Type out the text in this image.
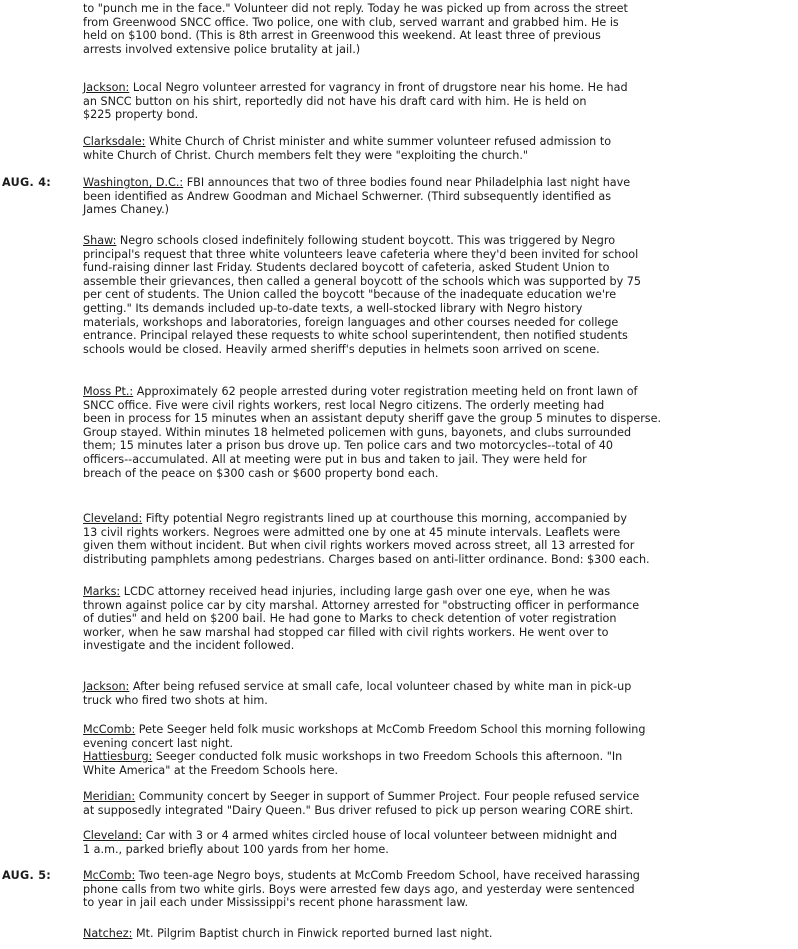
to "punch me in the face." Volunteer did not reply. Today he was picked up from across the street
from Greenwood SNCC office. Two police, one with club, served warrant and grabbed him. He is
held on $100 bond. (This is 8th arrest in Greenwood this weekend. At least three of previous
arrests involved extensive police brutality at jail.)
Jackson: Local Negro volunteer arrested for vagrancy in front of drugstore near his home. He had
an SNCC button on his shirt, reportedly did not have his draft card with him. He is held on
$225 property bond.
Clarksdale: White Church of Christ minister and white summer volunteer refused admission to
white Church of Christ. Church members felt they were "exploiting the church."
AUG. 4:	Washington, D.C.: FBI announces that two of three bodies found near Philadelphia last night have
been identified as Andrew Goodman and Michael Schwerner. (Third subsequently identified as
James Chaney.)
Shaw: Negro schools closed indefinitely following student boycott. This was triggered by Negro
principal's request that three white volunteers leave cafeteria where they'd been invited for school
fund-raising dinner last Friday. Students declared boycott of cafeteria, asked Student Union to
assemble their grievances, then called a general boycott of the schools which was supported by 75
per cent of students. The Union called the boycott "because of the inadequate education we're
getting." Its demands included up-to-date texts, a well-stocked library with Negro history
materials, workshops and laboratories, foreign languages and other courses needed for college
entrance. Principal relayed these requests to white school superintendent, then notified students
schools would be closed. Heavily armed sheriff's deputies in helmets soon arrived on scene.
Moss Pt.: Approximately 62 people arrested during voter registration meeting held on front lawn of
SNCC office. Five were civil rights workers, rest local Negro citizens. The orderly meeting had
been in process for 15 minutes when an assistant deputy sheriff gave the group 5 minutes to disperse.
Group stayed. Within minutes 18 helmeted policemen with guns, bayonets, and clubs surrounded
them; 15 minutes later a prison bus drove up. Ten police cars and two motorcycles--total of 40
officers--accumulated. All at meeting were put in bus and taken to jail. They were held for
breach of the peace on $300 cash or $600 property bond each.
Cleveland: Fifty potential Negro registrants lined up at courthouse this morning, accompanied by
13 civil rights workers. Negroes were admitted one by one at 45 minute intervals. Leaflets were
given them without incident. But when civil rights workers moved across street, all 13 arrested for
distributing pamphlets among pedestrians. Charges based on anti-litter ordinance. Bond: $300 each.
Marks: LCDC attorney received head injuries, including large gash over one eye, when he was
thrown against police car by city marshal. Attorney arrested for "obstructing officer in performance
of duties" and held on $200 bail. He had gone to Marks to check detention of voter registration
worker, when he saw marshal had stopped car filled with civil rights workers. He went over to
investigate and the incident followed.
Jackson: After being refused service at small cafe, local volunteer chased by white man in pick-up
truck who fired two shots at him.
McComb: Pete Seeger held folk music workshops at McComb Freedom School this morning following
evening concert last night.
Hattiesburg: Seeger conducted folk music workshops in two Freedom Schools this afternoon. "In
White America" at the Freedom Schools here.
Meridian: Community concert by Seeger in support of Summer Project. Four people refused service
at supposedly integrated "Dairy Queen." Bus driver refused to pick up person wearing CORE shirt.
Cleveland: Car with 3 or 4 armed whites circled house of local volunteer between midnight and
1 a.m., parked briefly about 100 yards from her home.
AUG. 5:	McComb: Two teen-age Negro boys, students at McComb Freedom School, have received harassing
phone calls from two white girls. Boys were arrested few days ago, and yesterday were sentenced
to year in jail each under Mississippi's recent phone harassment law.
Natchez: Mt. Pilgrim Baptist church in Finwick reported burned last night.
